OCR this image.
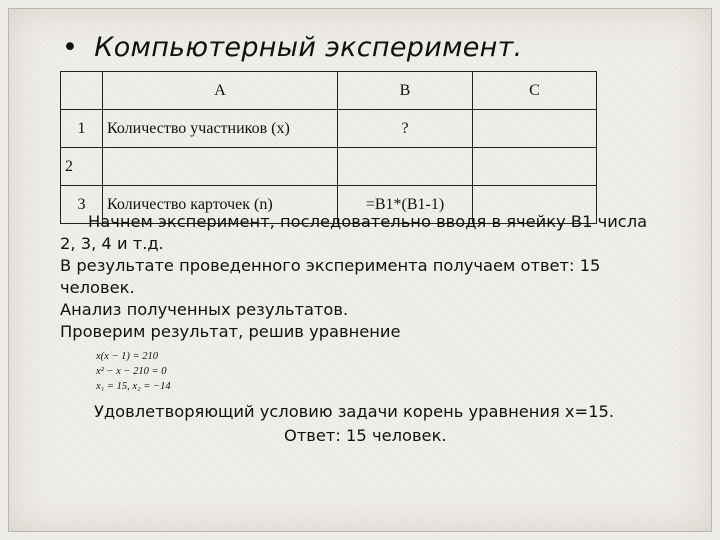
• Компьютерный эксперимент.
	A	B	C
1	Количество участников (x)	?	
2			
3	Количество карточек (n)	=B1*(B1-1)	
Начнем эксперимент, последовательно вводя в ячейку В1 числа
2, 3, 4 и т.д.
В результате проведенного эксперимента получаем ответ: 15
человек.
Анализ полученных результатов.
Проверим результат, решив уравнение
x(x − 1) = 210
x² − x − 210 = 0
x₁ = 15, x₂ = −14
Удовлетворяющий условию задачи корень уравнения x=15.
Ответ: 15 человек.
